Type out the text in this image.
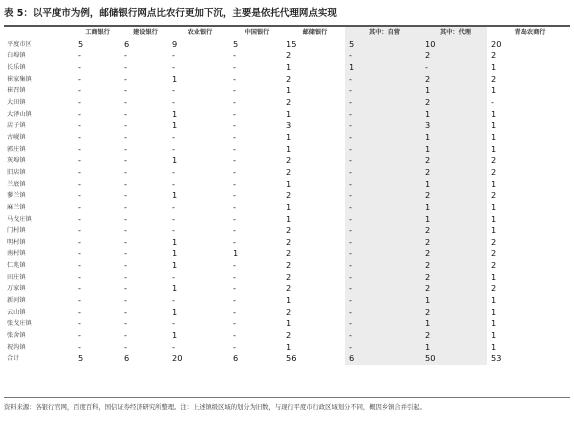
表 5：以平度市为例，邮储银行网点比农行更加下沉，主要是依托代理网点实现
	工商银行	建设银行	农业银行	中国银行	邮储银行	其中：自营	其中：代理	青岛农商行
平度市区	5	6	9	5	15	5	10	20
白埠镇	-	-	-	-	2	-	2	2
长乐镇	-	-	-	-	1	1	-	1
崔家集镇	-	-	1	-	2	-	2	2
崔召镇	-	-	-	-	1	-	1	1
大田镇	-	-	-	-	2	-	2	-
大泽山镇	-	-	1	-	1	-	1	1
店子镇	-	-	1	-	3	-	3	1
古岘镇	-	-	-	-	1	-	1	1
郭庄镇	-	-	-	-	1	-	1	1
灰埠镇	-	-	1	-	2	-	2	2
旧店镇	-	-	-	-	2	-	2	2
兰底镇	-	-	-	-	1	-	1	1
蓼兰镇	-	-	1	-	2	-	2	2
麻兰镇	-	-	-	-	1	-	1	1
马戈庄镇	-	-	-	-	1	-	1	1
门村镇	-	-	-	-	2	-	2	1
明村镇	-	-	1	-	2	-	2	2
南村镇	-	-	1	1	2	-	2	2
仁兆镇	-	-	1	-	2	-	2	2
田庄镇	-	-	-	-	2	-	2	1
万家镇	-	-	1	-	2	-	2	2
新河镇	-	-	-	-	1	-	1	1
云山镇	-	-	1	-	2	-	2	1
张戈庄镇	-	-	-	-	1	-	1	1
张舍镇	-	-	1	-	2	-	2	1
祝沟镇	-	-	-	-	1	-	1	1
合计	5	6	20	6	56	6	50	53
资料来源：各银行官网，百度百科，国信证券经济研究所整理。注：上述镇级区域的划分为旧数，与现行平度市行政区域划分不同，概因乡镇合并引起。
